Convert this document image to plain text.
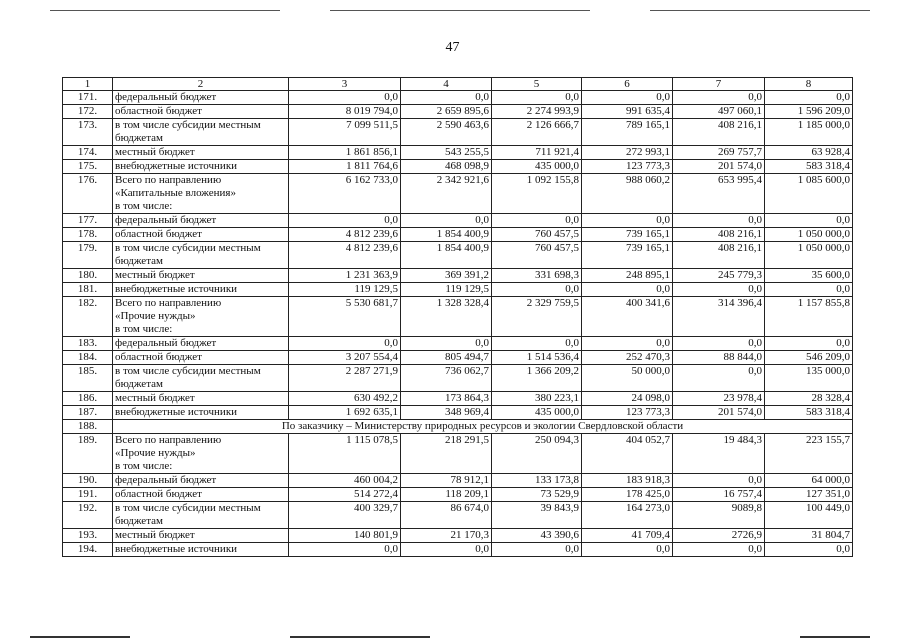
47
1	2	3	4	5	6	7	8
171.	федеральный бюджет	0,0	0,0	0,0	0,0	0,0	0,0
172.	областной бюджет	8 019 794,0	2 659 895,6	2 274 993,9	991 635,4	497 060,1	1 596 209,0
173.	в том числе субсидии местным
бюджетам	7 099 511,5	2 590 463,6	2 126 666,7	789 165,1	408 216,1	1 185 000,0
174.	местный бюджет	1 861 856,1	543 255,5	711 921,4	272 993,1	269 757,7	63 928,4
175.	внебюджетные источники	1 811 764,6	468 098,9	435 000,0	123 773,3	201 574,0	583 318,4
176.	Всего по направлению
«Капитальные вложения»
в том числе:	6 162 733,0	2 342 921,6	1 092 155,8	988 060,2	653 995,4	1 085 600,0
177.	федеральный бюджет	0,0	0,0	0,0	0,0	0,0	0,0
178.	областной бюджет	4 812 239,6	1 854 400,9	760 457,5	739 165,1	408 216,1	1 050 000,0
179.	в том числе субсидии местным
бюджетам	4 812 239,6	1 854 400,9	760 457,5	739 165,1	408 216,1	1 050 000,0
180.	местный бюджет	1 231 363,9	369 391,2	331 698,3	248 895,1	245 779,3	35 600,0
181.	внебюджетные источники	119 129,5	119 129,5	0,0	0,0	0,0	0,0
182.	Всего по направлению
«Прочие нужды»
в том числе:	5 530 681,7	1 328 328,4	2 329 759,5	400 341,6	314 396,4	1 157 855,8
183.	федеральный бюджет	0,0	0,0	0,0	0,0	0,0	0,0
184.	областной бюджет	3 207 554,4	805 494,7	1 514 536,4	252 470,3	88 844,0	546 209,0
185.	в том числе субсидии местным
бюджетам	2 287 271,9	736 062,7	1 366 209,2	50 000,0	0,0	135 000,0
186.	местный бюджет	630 492,2	173 864,3	380 223,1	24 098,0	23 978,4	28 328,4
187.	внебюджетные источники	1 692 635,1	348 969,4	435 000,0	123 773,3	201 574,0	583 318,4
188.	По заказчику – Министерству природных ресурсов и экологии Свердловской области						
189.	Всего по направлению
«Прочие нужды»
в том числе:	1 115 078,5	218 291,5	250 094,3	404 052,7	19 484,3	223 155,7
190.	федеральный бюджет	460 004,2	78 912,1	133 173,8	183 918,3	0,0	64 000,0
191.	областной бюджет	514 272,4	118 209,1	73 529,9	178 425,0	16 757,4	127 351,0
192.	в том числе субсидии местным
бюджетам	400 329,7	86 674,0	39 843,9	164 273,0	9089,8	100 449,0
193.	местный бюджет	140 801,9	21 170,3	43 390,6	41 709,4	2726,9	31 804,7
194.	внебюджетные источники	0,0	0,0	0,0	0,0	0,0	0,0
